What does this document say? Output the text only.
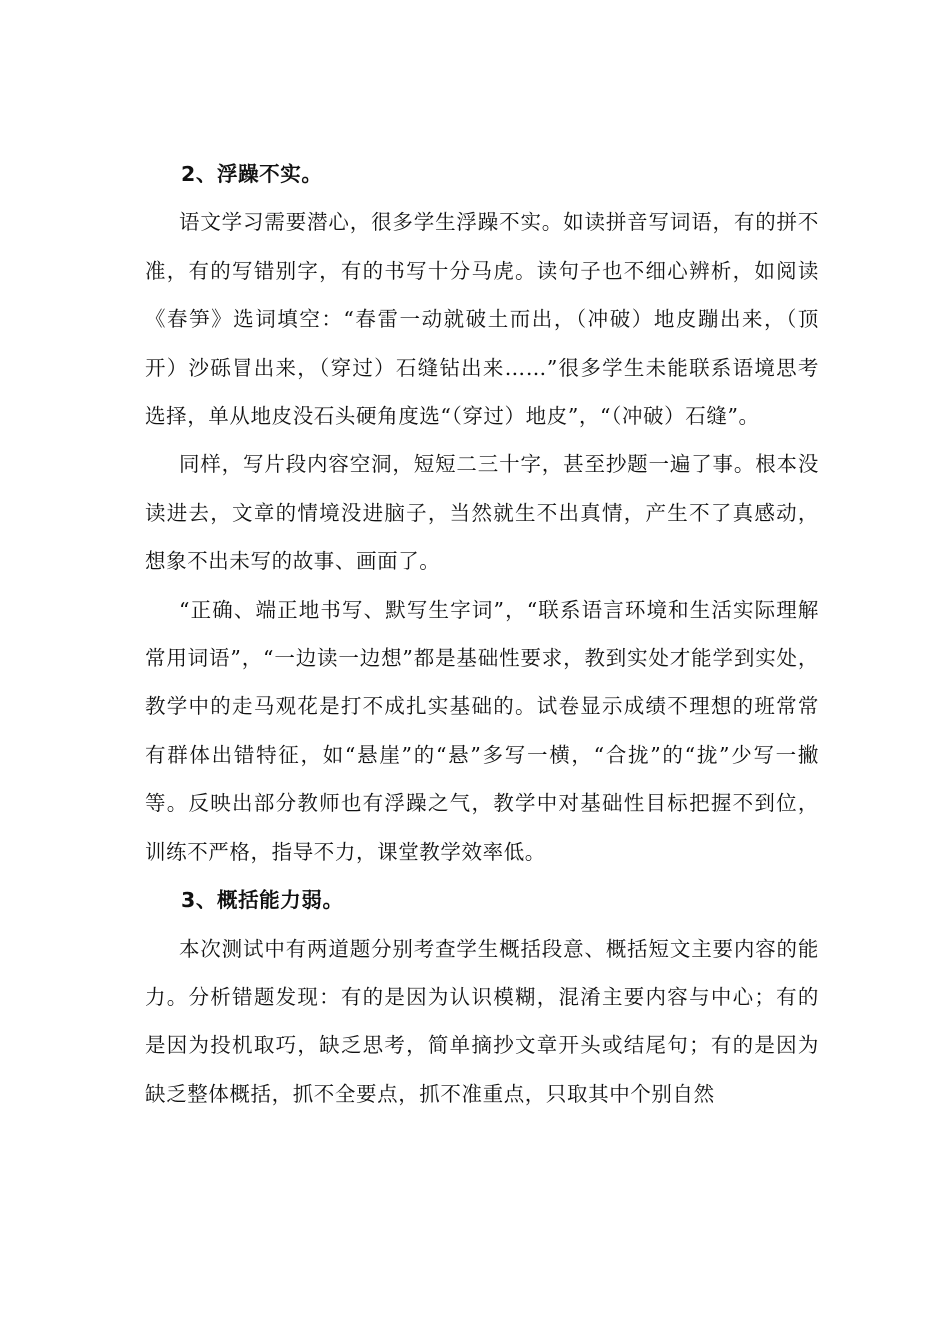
2、浮躁不实。

语文学习需要潜心，很多学生浮躁不实。如读拼音写词语，有的拼不准，有的写错别字，有的书写十分马虎。读句子也不细心辨析，如阅读《春笋》选词填空：“春雷一动就破土而出，（冲破）地皮蹦出来，（顶开）沙砾冒出来，（穿过）石缝钻出来……”很多学生未能联系语境思考选择，单从地皮没石头硬角度选“（穿过）地皮”，“（冲破）石缝”。

同样，写片段内容空洞，短短二三十字，甚至抄题一遍了事。根本没读进去，文章的情境没进脑子，当然就生不出真情，产生不了真感动，想象不出未写的故事、画面了。

“正确、端正地书写、默写生字词”，“联系语言环境和生活实际理解常用词语”，“一边读一边想”都是基础性要求，教到实处才能学到实处，教学中的走马观花是打不成扎实基础的。试卷显示成绩不理想的班常常有群体出错特征，如“悬崖”的“悬”多写一横，“合拢”的“拢”少写一撇等。反映出部分教师也有浮躁之气，教学中对基础性目标把握不到位，训练不严格，指导不力，课堂教学效率低。

3、概括能力弱。

本次测试中有两道题分别考查学生概括段意、概括短文主要内容的能力。分析错题发现：有的是因为认识模糊，混淆主要内容与中心；有的是因为投机取巧，缺乏思考，简单摘抄文章开头或结尾句；有的是因为缺乏整体概括，抓不全要点，抓不准重点，只取其中个别自然
